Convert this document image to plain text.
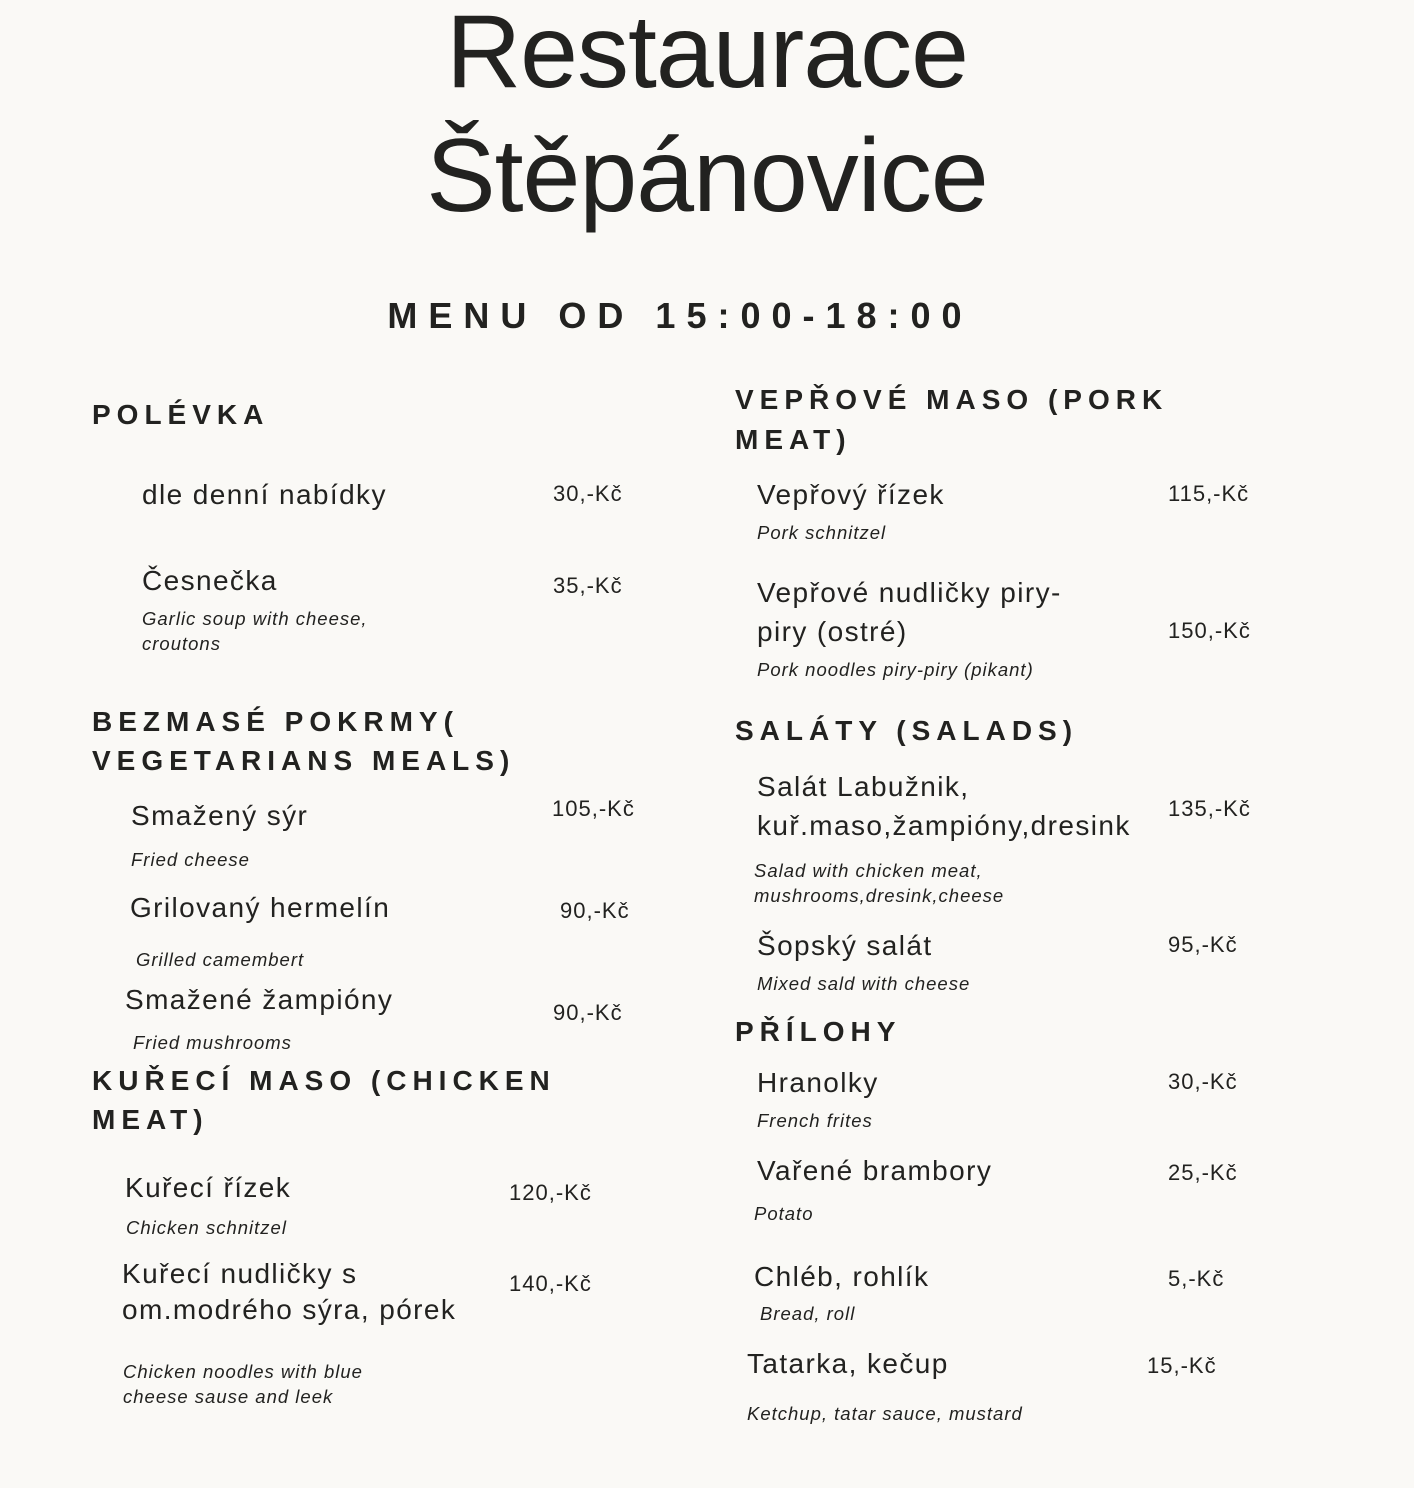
Restaurace
Štěpánovice
MENU OD 15:00-18:00
POLÉVKA
dle denní nabídky	30,-Kč
Česnečka
Garlic soup with cheese,
croutons
35,-Kč
BEZMASÉ POKRMY(
VEGETARIANS MEALS)
Smažený sýr
Fried cheese
105,-Kč
Grilovaný hermelín
Grilled camembert
90,-Kč
Smažené žampióny
Fried mushrooms
90,-Kč
KUŘECÍ MASO (CHICKEN
MEAT)
Kuřecí řízek
Chicken schnitzel
120,-Kč
Kuřecí nudličky s
om.modrého sýra, pórek
Chicken noodles with blue
cheese sause and leek
140,-Kč
VEPŘOVÉ MASO (PORK
MEAT)
Vepřový řízek
Pork schnitzel
115,-Kč
Vepřové nudličky piry-
piry (ostré)
Pork noodles piry-piry (pikant)
150,-Kč
SALÁTY (SALADS)
Salát Labužnik,
kuř.maso,žampióny,dresink
Salad with chicken meat,
mushrooms,dresink,cheese
135,-Kč
Šopský salát
Mixed sald with cheese
95,-Kč
PŘÍLOHY
Hranolky
French frites
30,-Kč
Vařené brambory
Potato
25,-Kč
Chléb, rohlík
Bread, roll
5,-Kč
Tatarka, kečup
Ketchup, tatar sauce, mustard
15,-Kč
